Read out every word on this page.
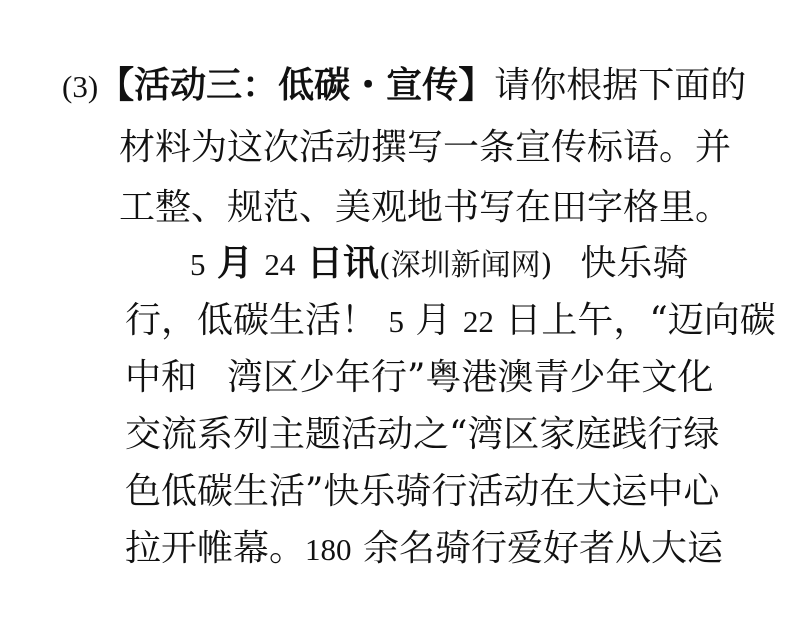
(3)【活动三：低碳・宣传】请你根据下面的
材料为这次活动撰写一条宣传标语。并
工整、规范、美观地书写在田字格里。
5 月 24 日讯(深圳新闻网) 快乐骑
行，低碳生活！ 5 月 22 日上午，“迈向碳
中和 湾区少年行”粤港澳青少年文化
交流系列主题活动之“湾区家庭践行绿
色低碳生活”快乐骑行活动在大运中心
拉开帷幕。180 余名骑行爱好者从大运
